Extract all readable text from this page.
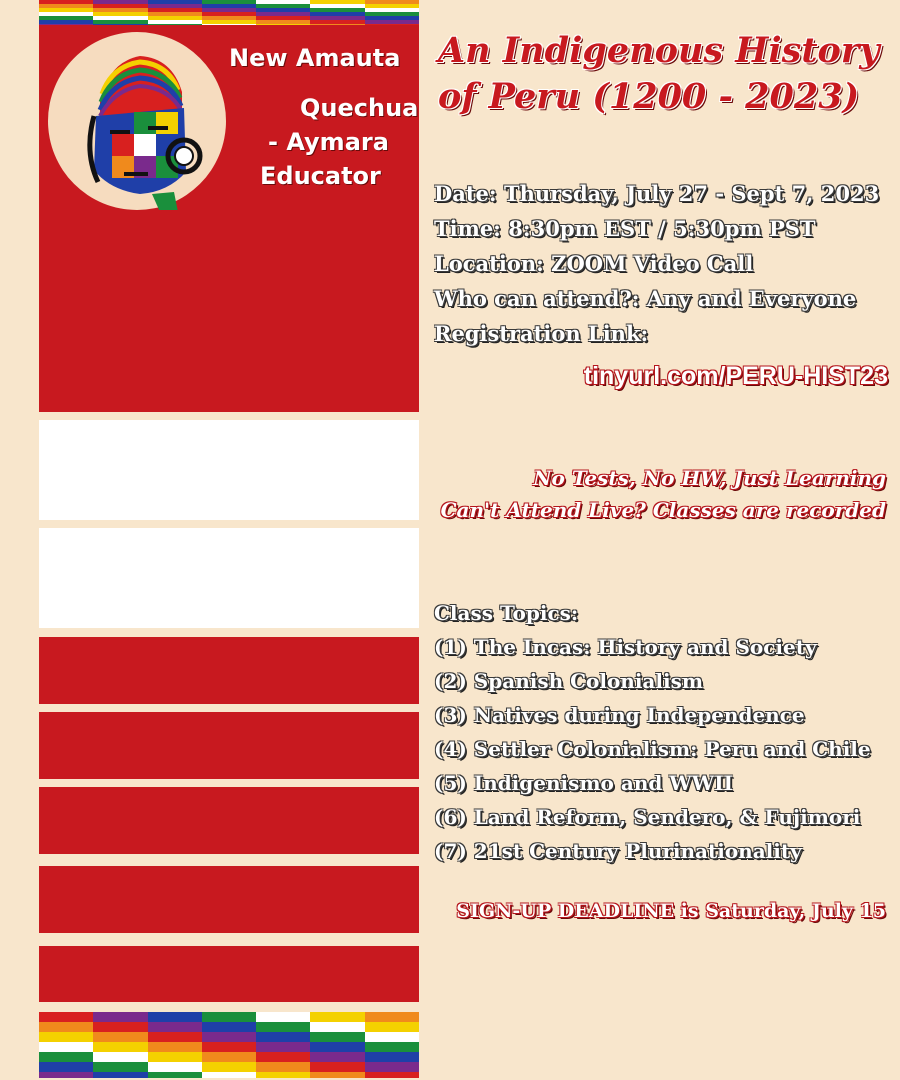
New Amauta
Quechua
- Aymara
Educator
An Indigenous History
of Peru (1200 - 2023)
Date: Thursday, July 27 - Sept 7, 2023
Time: 8:30pm EST / 5:30pm PST
Location: ZOOM Video Call
Who can attend?: Any and Everyone
Registration Link:
tinyurl.com/PERU-HIST23
No Tests, No HW, Just Learning
Can't Attend Live? Classes are recorded
Class Topics:
(1) The Incas: History and Society
(2) Spanish Colonialism
(3) Natives during Independence
(4) Settler Colonialism: Peru and Chile
(5) Indigenismo and WWII
(6) Land Reform, Sendero, & Fujimori
(7) 21st Century Plurinationality
SIGN-UP DEADLINE is Saturday, July 15
